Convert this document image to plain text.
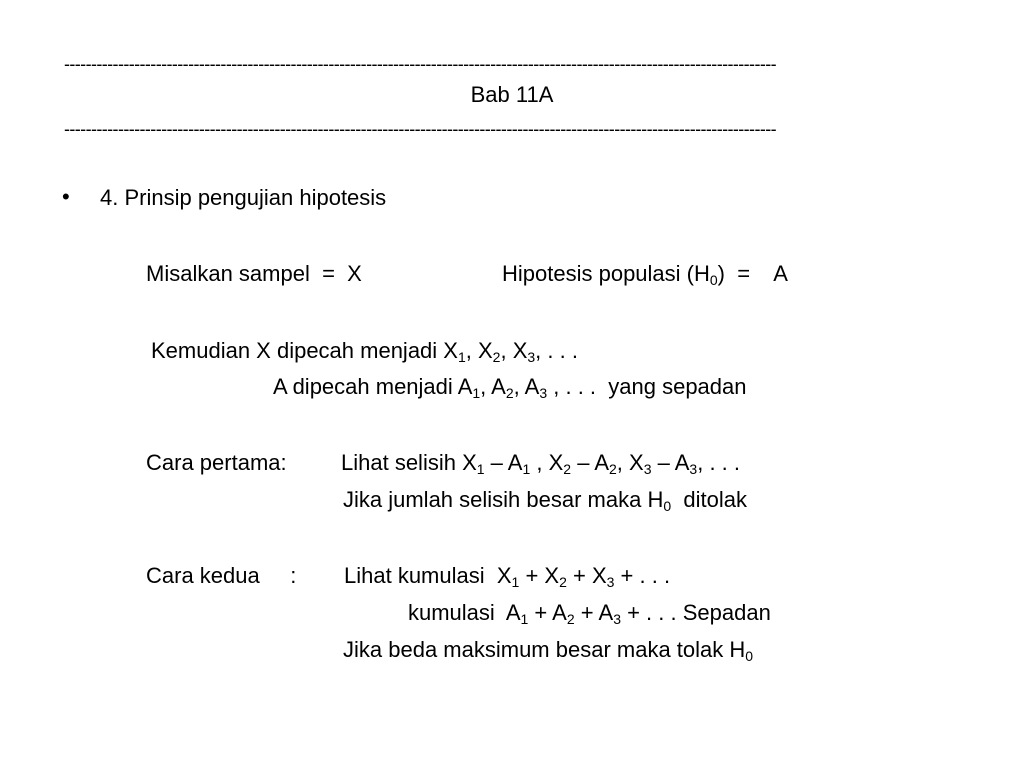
------------------------------------------------------------------------------------------------------------------------------------
Bab 11A
------------------------------------------------------------------------------------------------------------------------------------
• 4. Prinsip pengujian hipotesis
Misalkan sampel  =  X	Hipotesis populasi $(H_0)$  =    A
Kemudian X dipecah menjadi $X_1$, $X_2$, $X_3$, . . .
A dipecah menjadi $A_1$, $A_2$, $A_3$ , . . .  yang sepadan
Cara pertama: Lihat selisih $X_1 - A_1$ , $X_2 - A_2$, $X_3 - A_3$, . . .
Jika jumlah selisih besar maka $H_0$  ditolak
Cara kedua     : Lihat kumulasi  $X_1 + X_2 + X_3$ + . . .
kumulasi  $A_1 + A_2 + A_3$ + . . . Sepadan
Jika beda maksimum besar maka tolak $H_0$
